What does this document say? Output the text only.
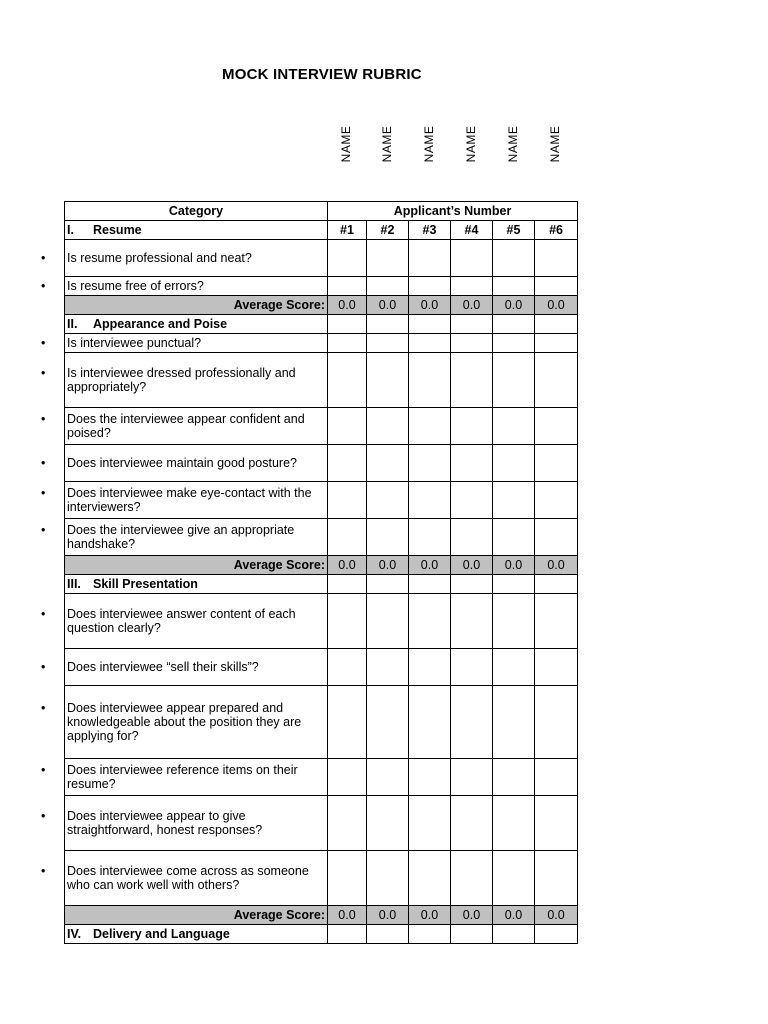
MOCK INTERVIEW RUBRIC
NAME NAME NAME NAME NAME NAME
Category	Applicant’s Number					
I. Resume	#1	#2	#3	#4	#5	#6
• Is resume professional and neat?						
• Is resume free of errors?						
Average Score:	0.0	0.0	0.0	0.0	0.0	0.0
II. Appearance and Poise						
• Is interviewee punctual?						
• Is interviewee dressed professionally and appropriately?						
• Does the interviewee appear confident and poised?						
• Does interviewee maintain good posture?						
• Does interviewee make eye-contact with the interviewers?						
• Does the interviewee give an appropriate handshake?						
Average Score:	0.0	0.0	0.0	0.0	0.0	0.0
III. Skill Presentation						
• Does interviewee answer content of each question clearly?						
• Does interviewee “sell their skills”?						
• Does interviewee appear prepared and knowledgeable about the position they are applying for?						
• Does interviewee reference items on their resume?						
• Does interviewee appear to give straightforward, honest responses?						
• Does interviewee come across as someone who can work well with others?						
Average Score:	0.0	0.0	0.0	0.0	0.0	0.0
IV. Delivery and Language						
